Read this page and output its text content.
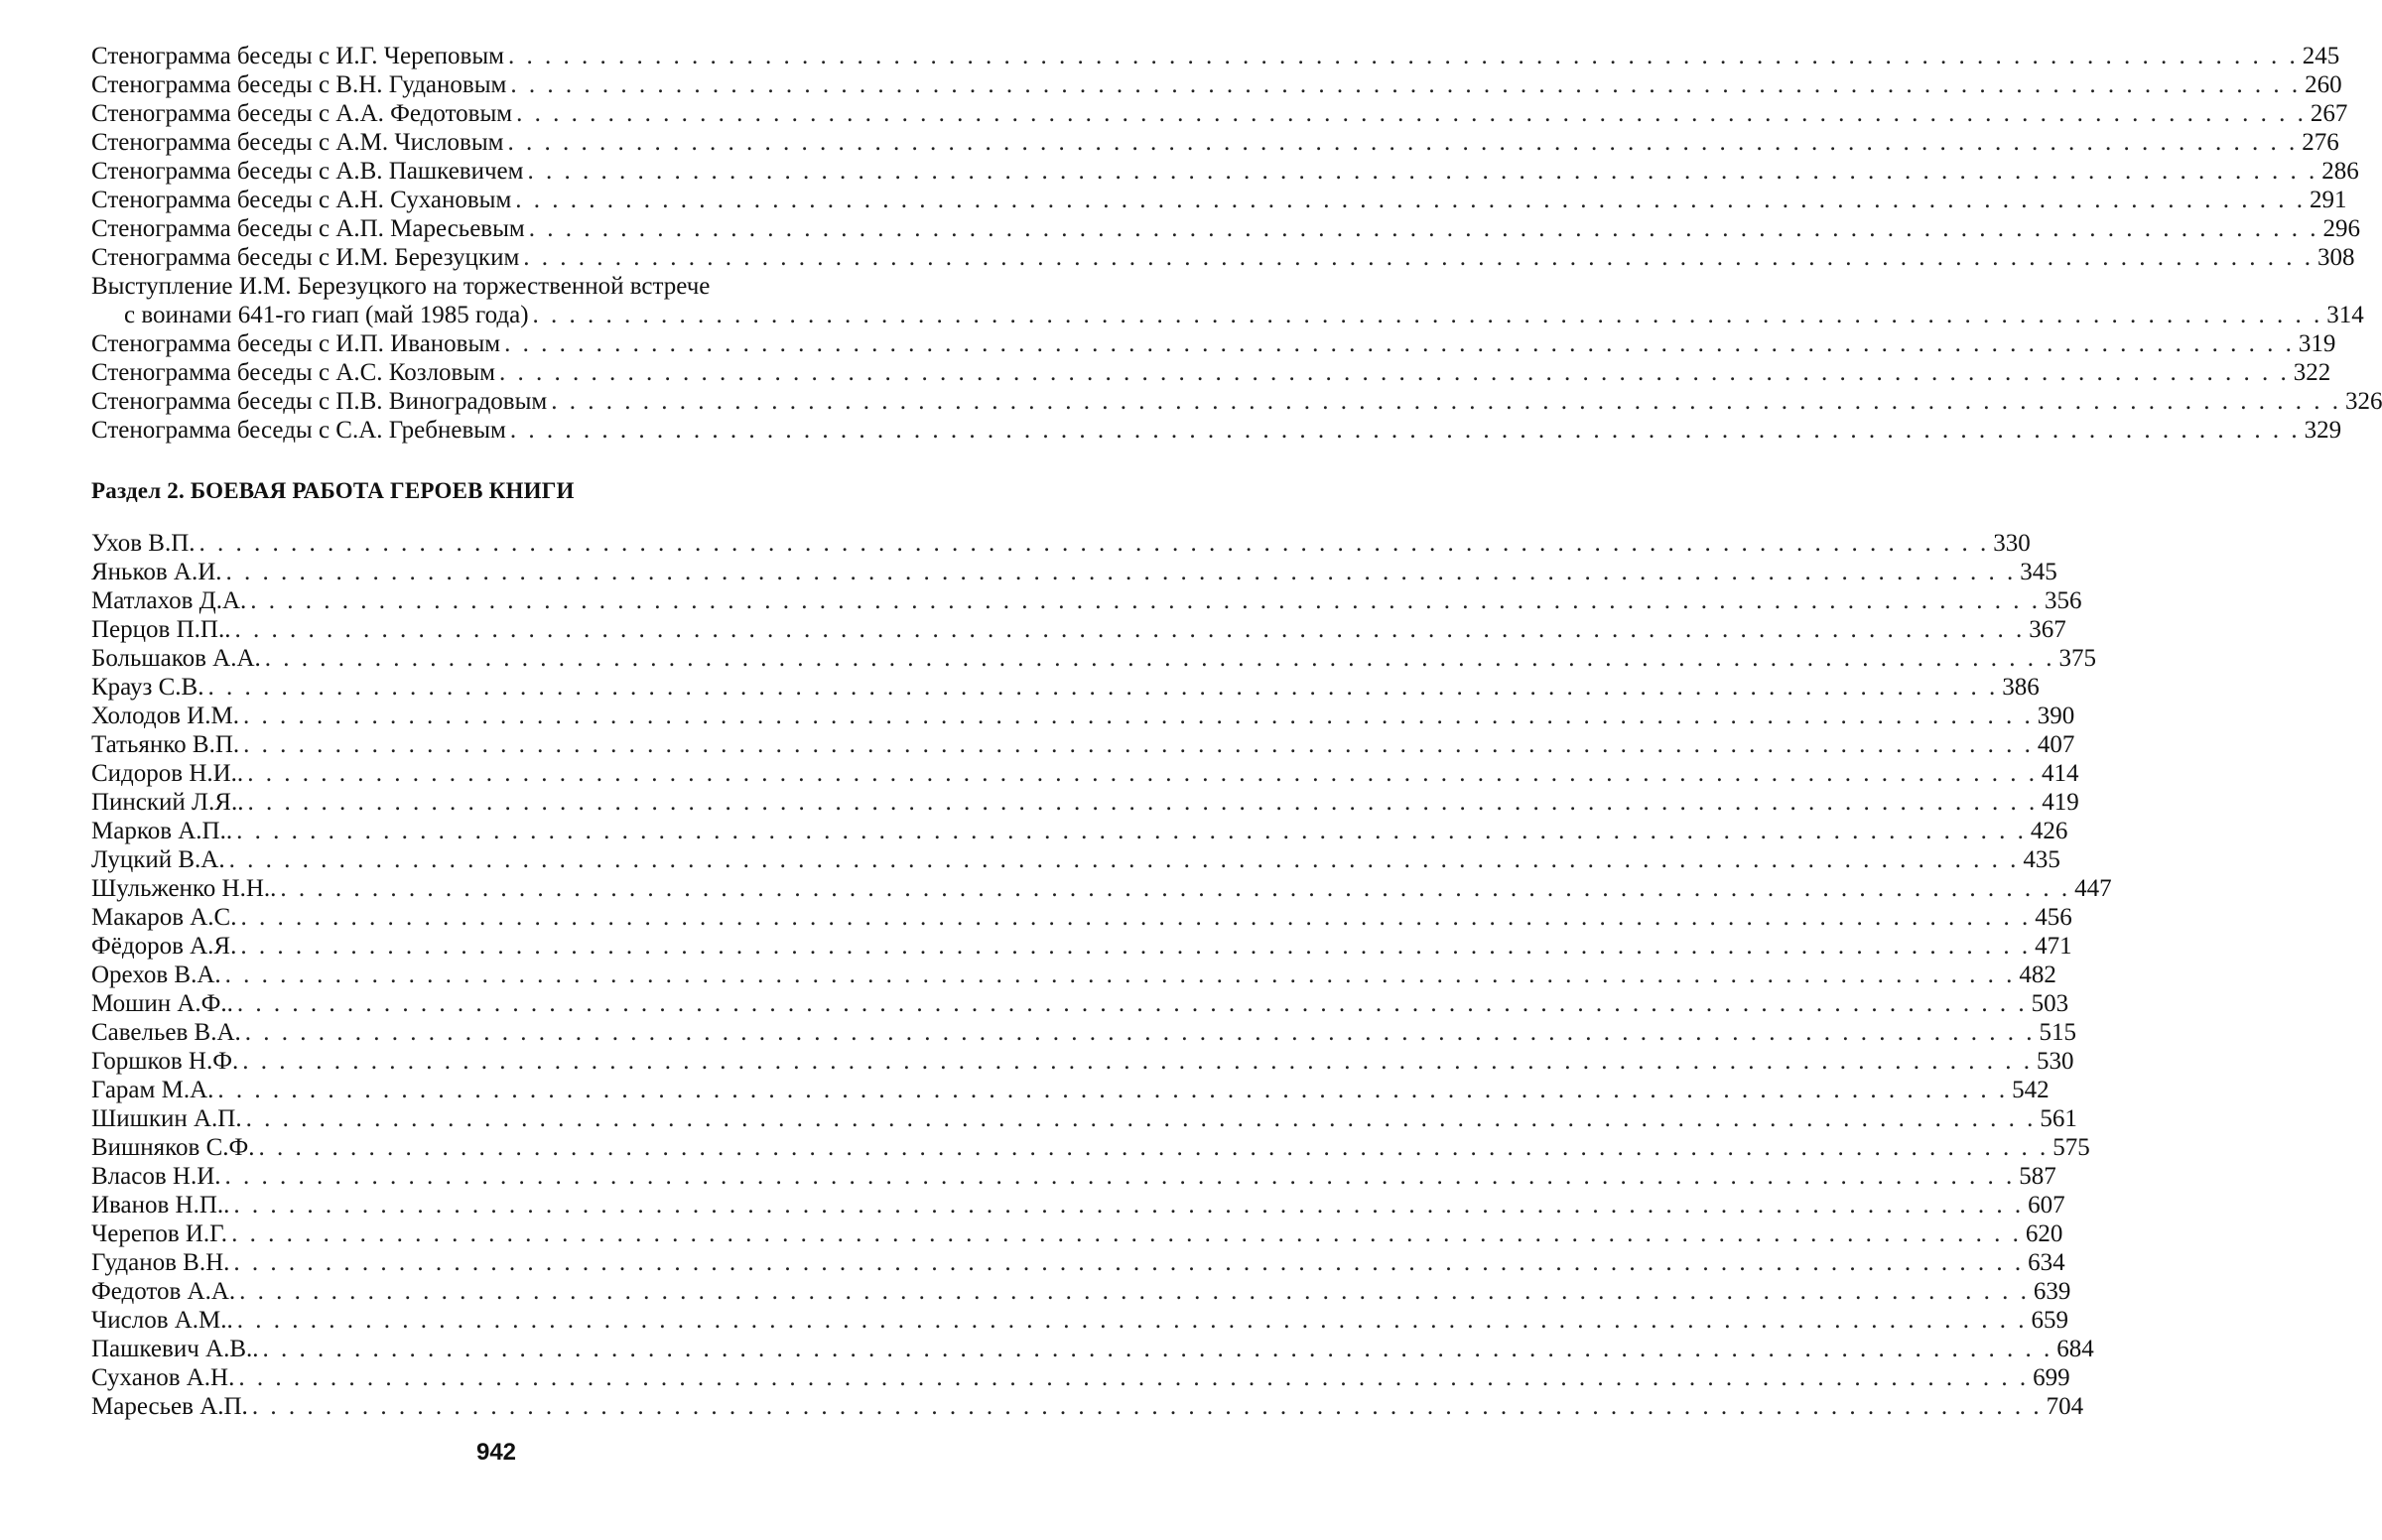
Стенограмма беседы с И.Г. Череповым . . .	245
Стенограмма беседы с В.Н. Гудановым . . .	260
Стенограмма беседы с А.А. Федотовым . . .	267
Стенограмма беседы с А.М. Числовым . . .	276
Стенограмма беседы с А.В. Пашкевичем . . .	286
Стенограмма беседы с А.Н. Сухановым . . .	291
Стенограмма беседы с А.П. Маресьевым . . .	296
Стенограмма беседы с И.М. Березуцким . . .	308
Выступление И.М. Березуцкого на торжественной встрече
с воинами 641-го гиап (май 1985 года) . . .	314
Стенограмма беседы с И.П. Ивановым . . .	319
Стенограмма беседы с А.С. Козловым . . .	322
Стенограмма беседы с П.В. Виноградовым . . .	326
Стенограмма беседы с С.А. Гребневым . . .	329
Раздел 2. БОЕВАЯ РАБОТА ГЕРОЕВ КНИГИ
Ухов В.П. . . .	330
Яньков А.И. . . .	345
Матлахов Д.А. . . .	356
Перцов П.П.. . . .	367
Большаков А.А. . . .	375
Крауз С.В. . . .	386
Холодов И.М. . . .	390
Татьянко В.П. . . .	407
Сидоров Н.И.. . . .	414
Пинский Л.Я.. . . .	419
Марков А.П.. . . .	426
Луцкий В.А. . . .	435
Шульженко Н.Н.. . . .	447
Макаров А.С. . . .	456
Фёдоров А.Я. . . .	471
Орехов В.А. . . .	482
Мошин А.Ф.. . . .	503
Савельев В.А. . . .	515
Горшков Н.Ф. . . .	530
Гарам М.А. . . .	542
Шишкин А.П. . . .	561
Вишняков С.Ф. . . .	575
Власов Н.И. . . .	587
Иванов Н.П.. . . .	607
Черепов И.Г. . . .	620
Гуданов В.Н. . . .	634
Федотов А.А. . . .	639
Числов А.М.. . . .	659
Пашкевич А.В.. . . .	684
Суханов А.Н. . . .	699
Маресьев А.П. . . .	704
942
